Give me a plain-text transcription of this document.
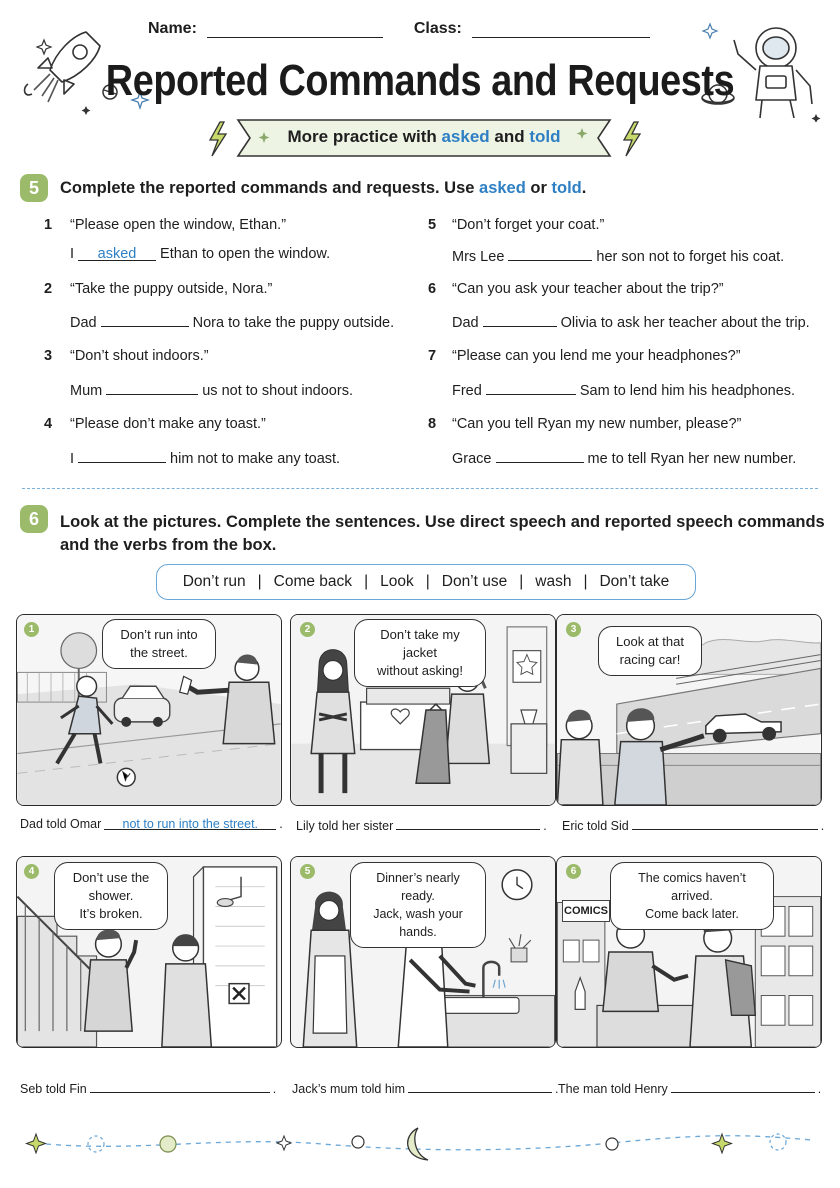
Name:	Class:
Reported Commands and Requests
More practice with asked and told
5	Complete the reported commands and requests. Use asked or told.
1 “Please open the window, Ethan.”
I asked Ethan to open the window.
2 “Take the puppy outside, Nora.”
Dad	Nora to take the puppy outside.
3 “Don’t shout indoors.”
Mum	us not to shout indoors.
4 “Please don’t make any toast.”
I	him not to make any toast.
5 “Don’t forget your coat.”
Mrs Lee	her son not to forget his coat.
6 “Can you ask your teacher about the trip?”
Dad	Olivia to ask her teacher about the trip.
7 “Please can you lend me your headphones?”
Fred	Sam to lend him his headphones.
8 “Can you tell Ryan my new number, please?”
Grace	me to tell Ryan her new number.
6	Look at the pictures. Complete the sentences. Use direct speech and reported speech commands
and the verbs from the box.
Don’t run | Come back | Look | Don’t use | wash | Don’t take
1	Don’t run into
the street.
Dad told Omar not to run into the street. .
2	Don’t take my jacket
without asking!
Lily told her sister	.
3
Look at that
racing car!
Eric told Sid	.
4	Don’t use the shower.
It’s broken.
Seb told Fin	.
5	Dinner’s nearly ready.
Jack, wash your hands.
Jack’s mum told him	.
COMICS
6	The comics haven’t arrived.
Come back later.
The man told Henry	.
